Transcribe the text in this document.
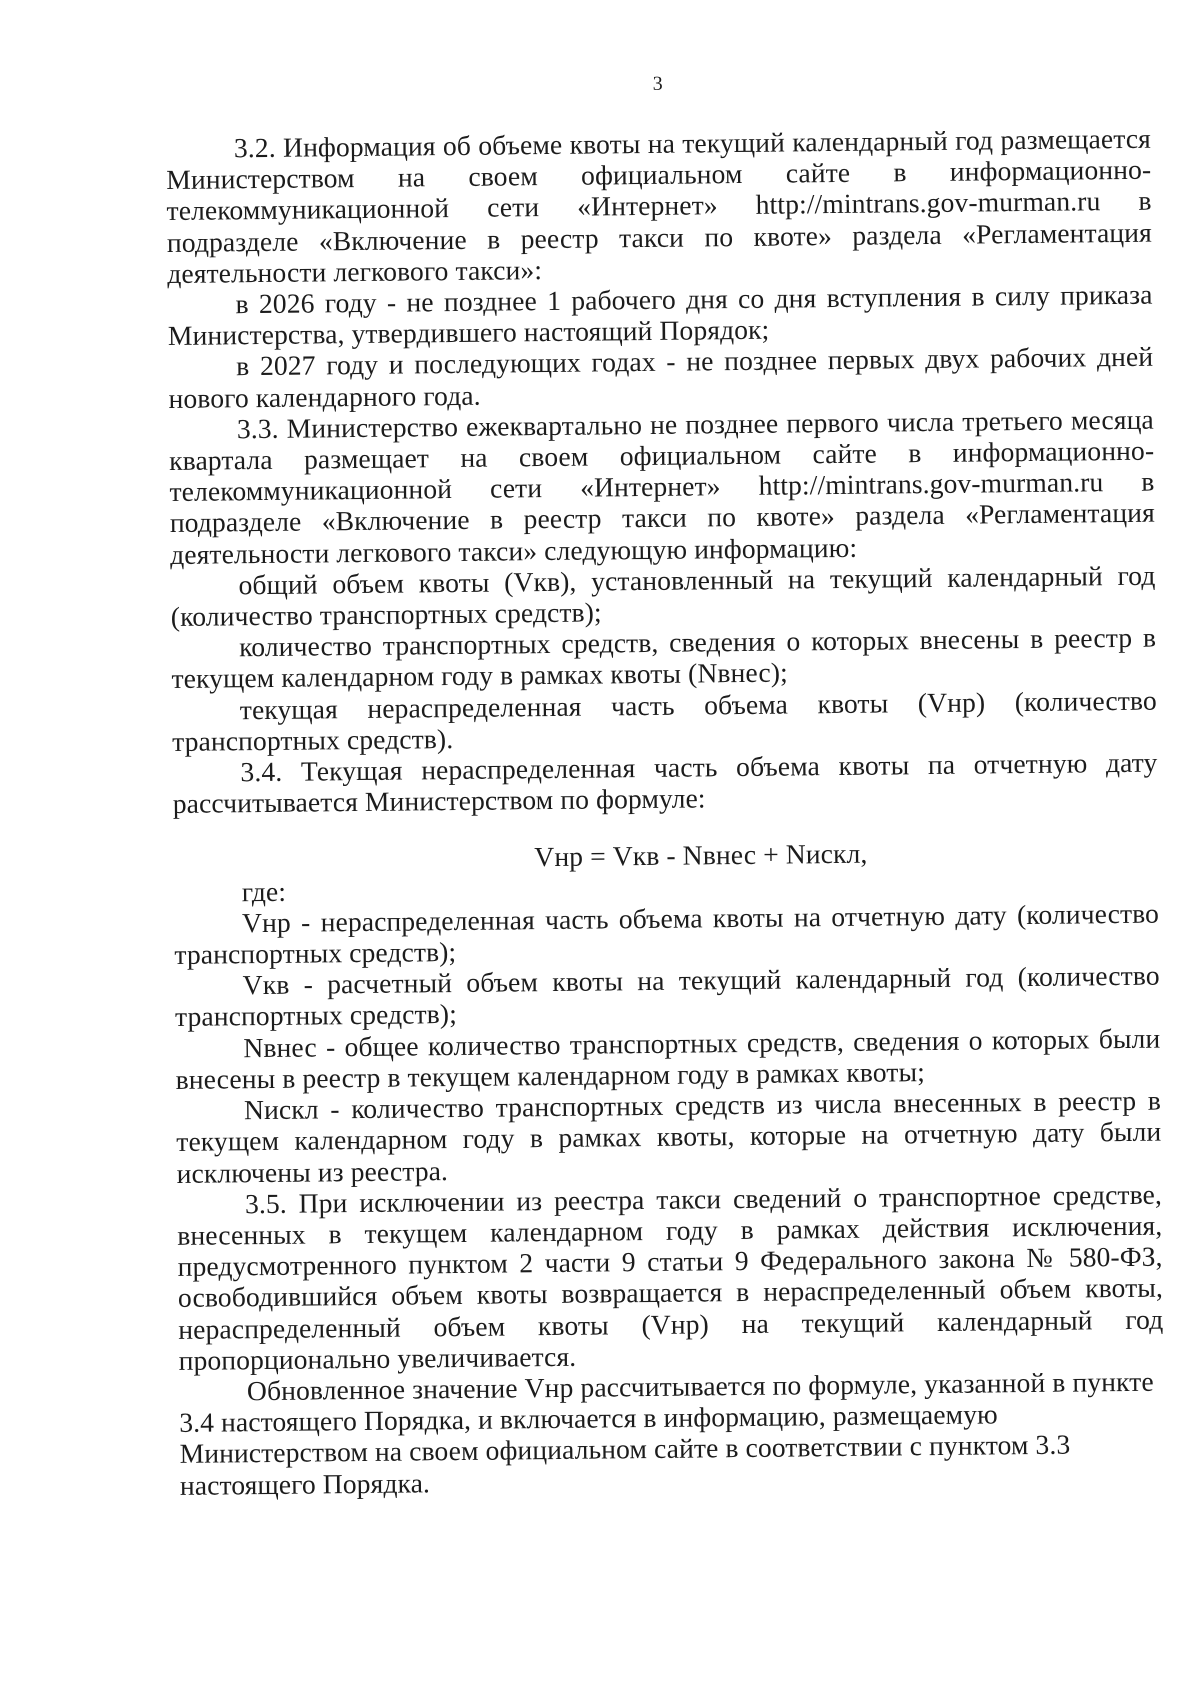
3

3.2. Информация об объеме квоты на текущий календарный год размещается Министерством на своем официальном сайте в информационно-телекоммуникационной сети «Интернет» http://mintrans.gov-murman.ru в подразделе «Включение в реестр такси по квоте» раздела «Регламентация деятельности легкового такси»:

в 2026 году - не позднее 1 рабочего дня со дня вступления в силу приказа Министерства, утвердившего настоящий Порядок;

в 2027 году и последующих годах - не позднее первых двух рабочих дней нового календарного года.

3.3. Министерство ежеквартально не позднее первого числа третьего месяца квартала размещает на своем официальном сайте в информационно-телекоммуникационной сети «Интернет» http://mintrans.gov-murman.ru в подразделе «Включение в реестр такси по квоте» раздела «Регламентация деятельности легкового такси» следующую информацию:

общий объем квоты (Vкв), установленный на текущий календарный год (количество транспортных средств);

количество транспортных средств, сведения о которых внесены в реестр в текущем календарном году в рамках квоты (Nвнес);

текущая нераспределенная часть объема квоты (Vнр) (количество транспортных средств).

3.4. Текущая нераспределенная часть объема квоты па отчетную дату рассчитывается Министерством по формуле:

Vнр = Vкв - Nвнес + Nискл,

где:

Vнр - нераспределенная часть объема квоты на отчетную дату (количество транспортных средств);

Vкв - расчетный объем квоты на текущий календарный год (количество транспортных средств);

Nвнес - общее количество транспортных средств, сведения о которых были внесены в реестр в текущем календарном году в рамках квоты;

Nискл - количество транспортных средств из числа внесенных в реестр в текущем календарном году в рамках квоты, которые на отчетную дату были исключены из реестра.

3.5. При исключении из реестра такси сведений о транспортное средстве, внесенных в текущем календарном году в рамках действия исключения, предусмотренного пунктом 2 части 9 статьи 9 Федерального закона № 580-ФЗ, освободившийся объем квоты возвращается в нераспределенный объем квоты, нераспределенный объем квоты (Vнр) на текущий календарный год пропорционально увеличивается.

Обновленное значение Vнр рассчитывается по формуле, указанной в пункте 3.4 настоящего Порядка, и включается в информацию, размещаемую Министерством на своем официальном сайте в соответствии с пунктом 3.3 настоящего Порядка.
